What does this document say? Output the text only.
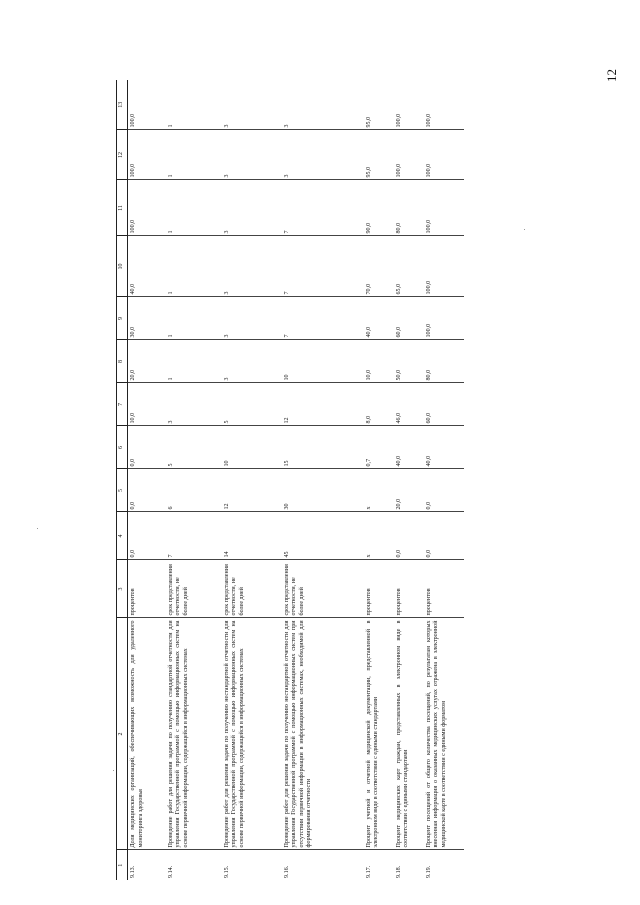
12
1	2	3	4	5	6	7	8	9	10	11	12	13
9.13.	Доля медицинских организаций, обеспечивающих возможность для удаленного мониторинга здоровья	процентов	0,0	0,0	0,0	10,0	20,0	30,0	40,0	100,0	100,0	100,0
9.14.	Проведение работ для решения задачи по получению стандартной отчетности для управления Государственной программой с помощью информационных систем на основе первичной информации, содержащейся в информационных системах	срок представления отчетности, не более дней	7	6	5	3	1	1	1	1	1	1
9.15.	Проведение работ для решения задачи по получению нестандартной отчетности для управления Государственной программой с помощью информационных систем на основе первичной информации, содержащейся в информационных системах	срок представления отчетности, не более дней	14	12	10	5	3	3	3	3	3	3
9.16.	Проведение работ для решения задачи по получению нестандартной отчетности для управления Государственной программой с помощью информационных систем при отсутствии первичной информации в информационных системах, необходимой для формирования отчетности	срок представления отчетности, не более дней	45	30	15	12	10	7	7	7	3	3
9.17.	Процент учетной и отчетной медицинской документации, представленной в электронном виде в соответствии с едиными стандартами	процентов	x	x	0,7	8,0	10,0	40,0	70,0	90,0	95,0	95,0
9.18.	Процент медицинских карт граждан, представленных в электронном виде в соответствии с едиными стандартами	процентов	0,0	20,0	40,0	46,0	50,0	60,0	65,0	80,0	100,0	100,0
9.19.	Процент посещений от общего количества посещений, по результатам которых внесенная информация о оказанных медицинских услугах отражена в электронной медицинской карте в соответствии с едиными форматом	процентов	0,0	0,0	40,0	60,0	80,0	100,0	100,0	100,0	100,0	100,0
